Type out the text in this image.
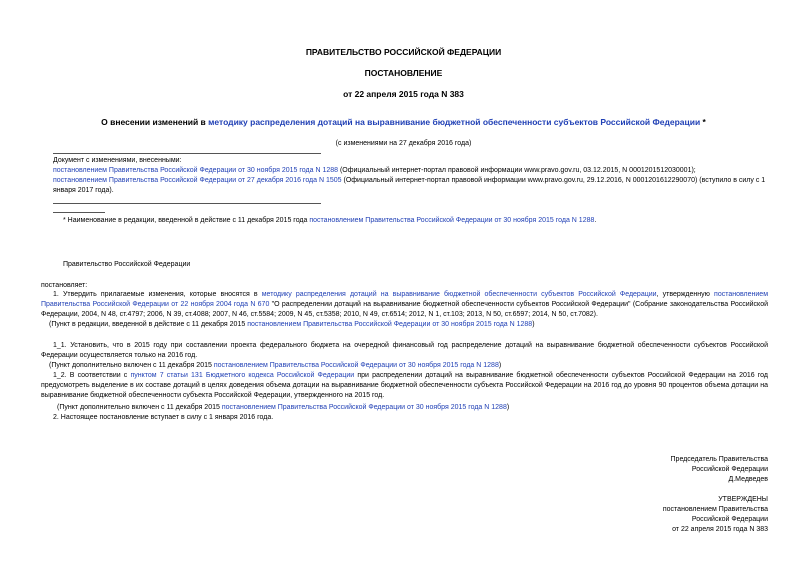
ПРАВИТЕЛЬСТВО РОССИЙСКОЙ ФЕДЕРАЦИИ
ПОСТАНОВЛЕНИЕ
от 22 апреля 2015 года N 383
О внесении изменений в методику распределения дотаций на выравнивание бюджетной обеспеченности субъектов Российской Федерации *
(с изменениями на 27 декабря 2016 года)
Документ с изменениями, внесенными:
постановлением Правительства Российской Федерации от 30 ноября 2015 года N 1288 (Официальный интернет-портал правовой информации www.pravo.gov.ru, 03.12.2015, N 0001201512030001);
постановлением Правительства Российской Федерации от 27 декабря 2016 года N 1505 (Официальный интернет-портал правовой информации www.pravo.gov.ru, 29.12.2016, N 0001201612290070) (вступило в силу с 1 января 2017 года).
* Наименование в редакции, введенной в действие с 11 декабря 2015 года постановлением Правительства Российской Федерации от 30 ноября 2015 года N 1288.
Правительство Российской Федерации
постановляет:
1. Утвердить прилагаемые изменения, которые вносятся в методику распределения дотаций на выравнивание бюджетной обеспеченности субъектов Российской Федерации, утвержденную постановлением Правительства Российской Федерации от 22 ноября 2004 года N 670 "О распределении дотаций на выравнивание бюджетной обеспеченности субъектов Российской Федерации" (Собрание законодательства Российской Федерации, 2004, N 48, ст.4797; 2006, N 39, ст.4088; 2007, N 46, ст.5584; 2009, N 45, ст.5358; 2010, N 49, ст.6514; 2012, N 1, ст.103; 2013, N 50, ст.6597; 2014, N 50, ст.7082).
(Пункт в редакции, введенной в действие с 11 декабря 2015 постановлением Правительства Российской Федерации от 30 ноября 2015 года N 1288)
1_1. Установить, что в 2015 году при составлении проекта федерального бюджета на очередной финансовый год распределение дотаций на выравнивание бюджетной обеспеченности субъектов Российской Федерации осуществляется только на 2016 год.
(Пункт дополнительно включен с 11 декабря 2015 постановлением Правительства Российской Федерации от 30 ноября 2015 года N 1288)
1_2. В соответствии с пунктом 7 статьи 131 Бюджетного кодекса Российской Федерации при распределении дотаций на выравнивание бюджетной обеспеченности субъектов Российской Федерации на 2016 год предусмотреть выделение в их составе дотаций в целях доведения объема дотации на выравнивание бюджетной обеспеченности субъекта Российской Федерации на 2016 год до уровня 90 процентов объема дотации на выравнивание бюджетной обеспеченности субъекта Российской Федерации, утвержденного на 2015 год.
(Пункт дополнительно включен с 11 декабря 2015 постановлением Правительства Российской Федерации от 30 ноября 2015 года N 1288)
2. Настоящее постановление вступает в силу с 1 января 2016 года.
Председатель Правительства
Российской Федерации
Д.Медведев
УТВЕРЖДЕНЫ
постановлением Правительства
Российской Федерации
от 22 апреля 2015 года N 383
